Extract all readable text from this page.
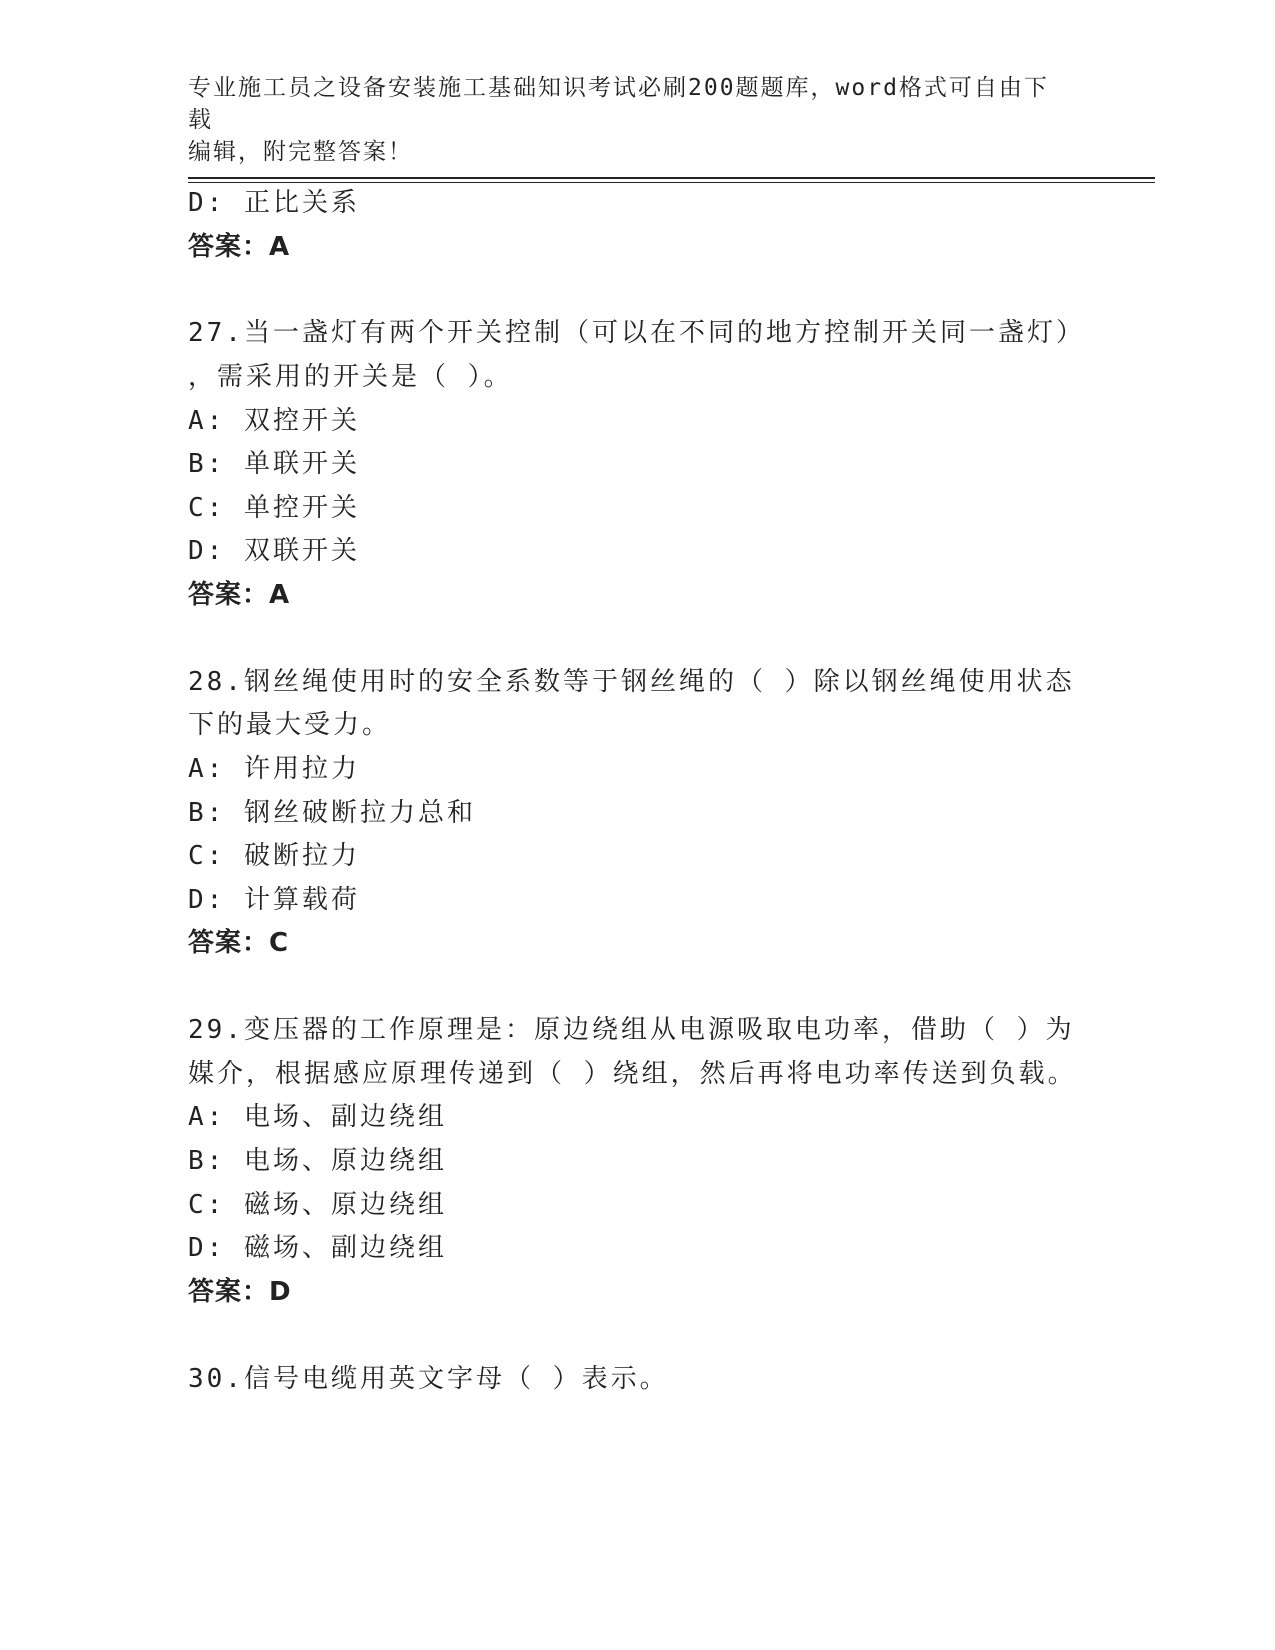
专业施工员之设备安装施工基础知识考试必刷200题题库，word格式可自由下载
编辑，附完整答案！
D: 正比关系
答案：A
27.当一盏灯有两个开关控制（可以在不同的地方控制开关同一盏灯）
，需采用的开关是（ ）。
A: 双控开关
B: 单联开关
C: 单控开关
D: 双联开关
答案：A
28.钢丝绳使用时的安全系数等于钢丝绳的（ ）除以钢丝绳使用状态
下的最大受力。
A: 许用拉力
B: 钢丝破断拉力总和
C: 破断拉力
D: 计算载荷
答案：C
29.变压器的工作原理是：原边绕组从电源吸取电功率，借助（ ）为
媒介，根据感应原理传递到（ ）绕组，然后再将电功率传送到负载。
A: 电场、副边绕组
B: 电场、原边绕组
C: 磁场、原边绕组
D: 磁场、副边绕组
答案：D
30.信号电缆用英文字母（ ）表示。
